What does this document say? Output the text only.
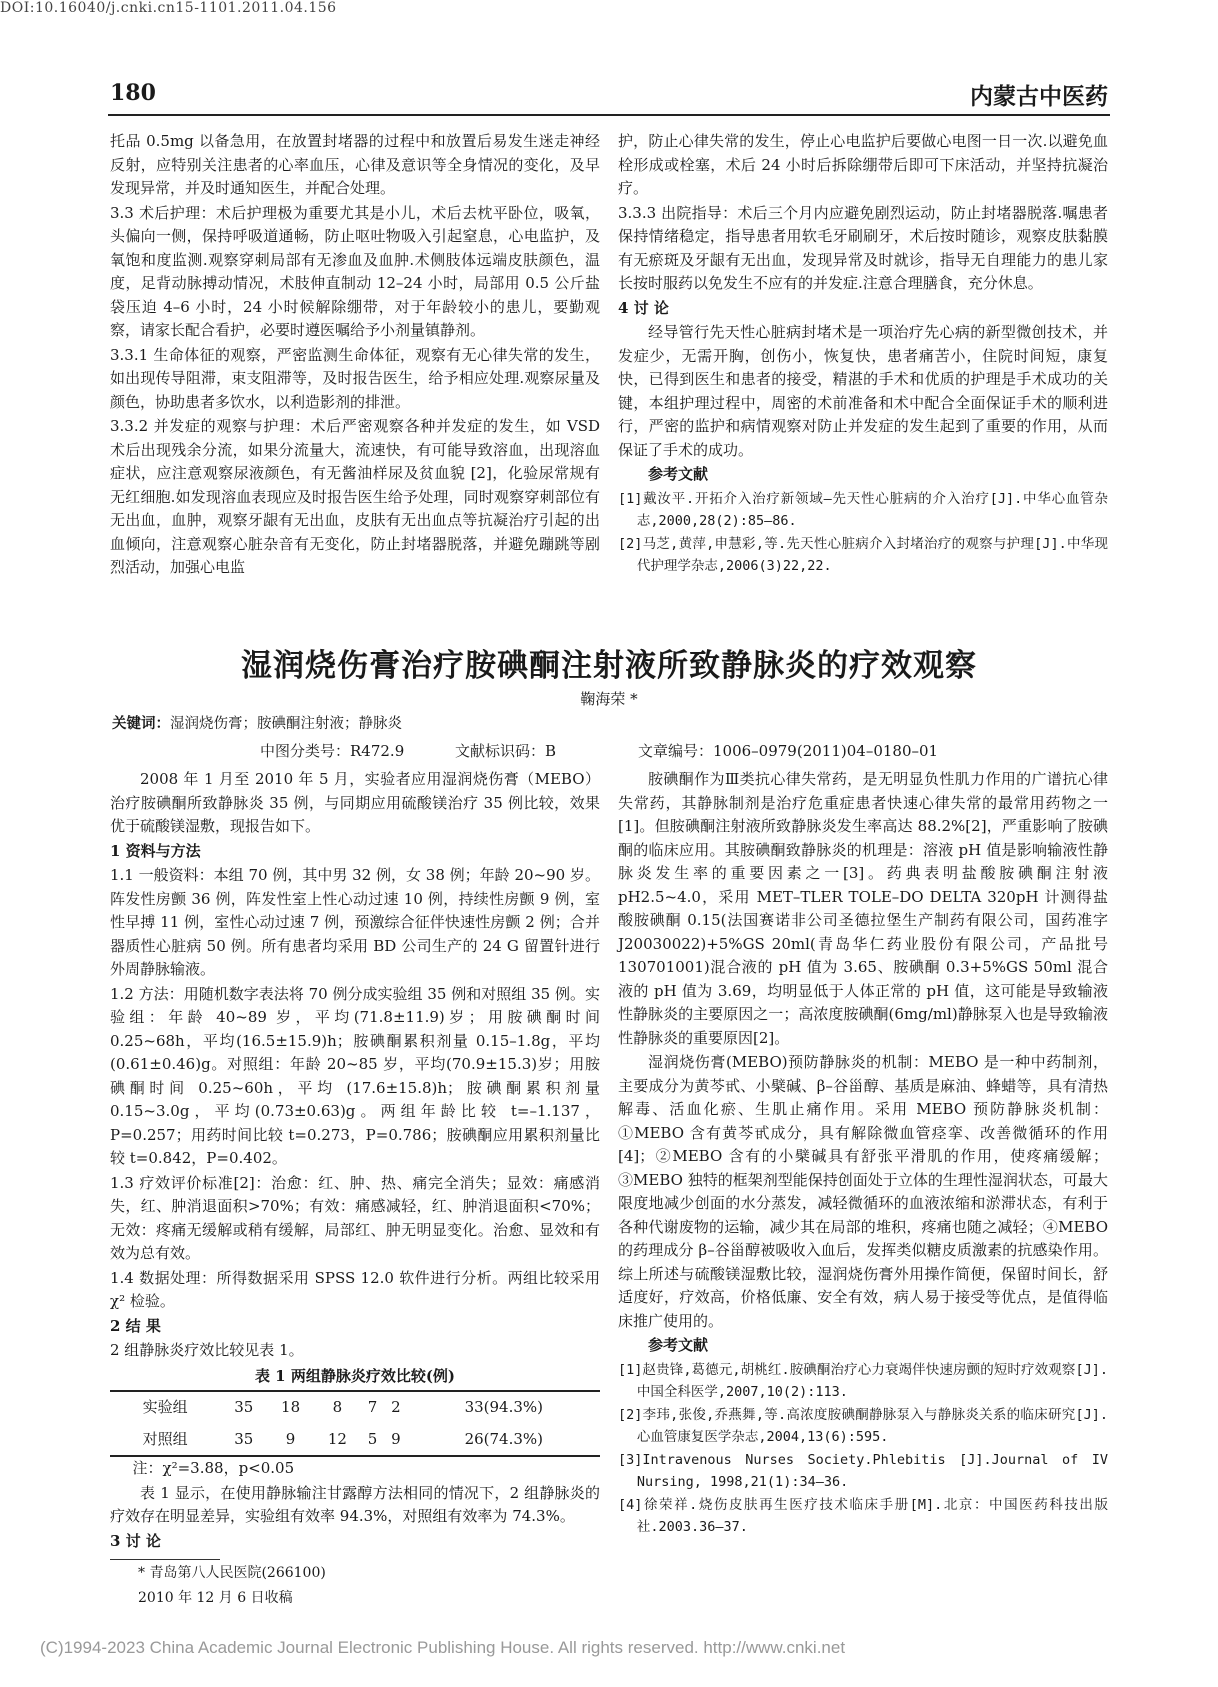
DOI:10.16040/j.cnki.cn15-1101.2011.04.156
180	内蒙古中医药

托品 0.5mg 以备急用，在放置封堵器的过程中和放置后易发生迷走神经反射，应特别关注患者的心率血压，心律及意识等全身情况的变化，及早发现异常，并及时通知医生，并配合处理。

3.3 术后护理：术后护理极为重要尤其是小儿，术后去枕平卧位，吸氧，头偏向一侧，保持呼吸道通畅，防止呕吐物吸入引起窒息，心电监护，及氧饱和度监测.观察穿刺局部有无渗血及血肿.术侧肢体远端皮肤颜色，温度，足背动脉搏动情况，术肢伸直制动 12–24 小时，局部用 0.5 公斤盐袋压迫 4–6 小时，24 小时候解除绷带，对于年龄较小的患儿，要勤观察，请家长配合看护，必要时遵医嘱给予小剂量镇静剂。

3.3.1 生命体征的观察，严密监测生命体征，观察有无心律失常的发生，如出现传导阻滞，束支阻滞等，及时报告医生，给予相应处理.观察尿量及颜色，协助患者多饮水，以利造影剂的排泄。

3.3.2 并发症的观察与护理：术后严密观察各种并发症的发生，如 VSD 术后出现残余分流，如果分流量大，流速快，有可能导致溶血，出现溶血症状，应注意观察尿液颜色，有无酱油样尿及贫血貌 [2]，化验尿常规有无红细胞.如发现溶血表现应及时报告医生给予处理，同时观察穿刺部位有无出血，血肿，观察牙龈有无出血，皮肤有无出血点等抗凝治疗引起的出血倾向，注意观察心脏杂音有无变化，防止封堵器脱落，并避免蹦跳等剧烈活动，加强心电监

护，防止心律失常的发生，停止心电监护后要做心电图一日一次.以避免血栓形成或栓塞，术后 24 小时后拆除绷带后即可下床活动，并坚持抗凝治疗。

3.3.3 出院指导：术后三个月内应避免剧烈运动，防止封堵器脱落.嘱患者保持情绪稳定，指导患者用软毛牙刷刷牙，术后按时随诊，观察皮肤黏膜有无瘀斑及牙龈有无出血，发现异常及时就诊，指导无自理能力的患儿家长按时服药以免发生不应有的并发症.注意合理膳食，充分休息。

4 讨 论

经导管行先天性心脏病封堵术是一项治疗先心病的新型微创技术，并发症少，无需开胸，创伤小，恢复快，患者痛苦小，住院时间短，康复快，已得到医生和患者的接受，精湛的手术和优质的护理是手术成功的关键，本组护理过程中，周密的术前准备和术中配合全面保证手术的顺利进行，严密的监护和病情观察对防止并发症的发生起到了重要的作用，从而保证了手术的成功。

参考文献

[1]戴汝平.开拓介入治疗新领域–先天性心脏病的介入治疗[J].中华心血管杂志,2000,28(2):85–86.

[2]马芝,黄萍,申慧彩,等.先天性心脏病介入封堵治疗的观察与护理[J].中华现代护理学杂志,2006(3)22,22.

湿润烧伤膏治疗胺碘酮注射液所致静脉炎的疗效观察
鞠海荣 *
关键词：湿润烧伤膏；胺碘酮注射液；静脉炎
中图分类号：R472.9	文献标识码：B	文章编号：1006–0979(2011)04–0180–01

2008 年 1 月至 2010 年 5 月，实验者应用湿润烧伤膏（MEBO）治疗胺碘酮所致静脉炎 35 例，与同期应用硫酸镁治疗 35 例比较，效果优于硫酸镁湿敷，现报告如下。

1 资料与方法

1.1 一般资料：本组 70 例，其中男 32 例，女 38 例；年龄 20~90 岁。阵发性房颤 36 例，阵发性室上性心动过速 10 例，持续性房颤 9 例，室性早搏 11 例，室性心动过速 7 例，预激综合征伴快速性房颤 2 例；合并器质性心脏病 50 例。所有患者均采用 BD 公司生产的 24 G 留置针进行外周静脉输液。

1.2 方法：用随机数字表法将 70 例分成实验组 35 例和对照组 35 例。实验组：年龄 40~89 岁，平均(71.8±11.9)岁；用胺碘酮时间 0.25~68h，平均(16.5±15.9)h；胺碘酮累积剂量 0.15–1.8g，平均(0.61±0.46)g。对照组：年龄 20~85 岁，平均(70.9±15.3)岁；用胺碘酮时间 0.25~60h，平均 (17.6±15.8)h；胺碘酮累积剂量 0.15~3.0g，平均(0.73±0.63)g。两组年龄比较 t=–1.137，P=0.257；用药时间比较 t=0.273，P=0.786；胺碘酮应用累积剂量比较 t=0.842，P=0.402。

1.3 疗效评价标准[2]：治愈：红、肿、热、痛完全消失；显效：痛感消失，红、肿消退面积>70%；有效：痛感减轻，红、肿消退面积<70%；无效：疼痛无缓解或稍有缓解，局部红、肿无明显变化。治愈、显效和有效为总有效。

1.4 数据处理：所得数据采用 SPSS 12.0 软件进行分析。两组比较采用 χ² 检验。

2 结 果

2 组静脉炎疗效比较见表 1。

表 1 两组静脉炎疗效比较(例)
实验组	35	18	8	7	2	33(94.3%)
对照组	35	9	12	5	9	26(74.3%)

注：χ²=3.88，p<0.05

表 1 显示，在使用静脉输注甘露醇方法相同的情况下，2 组静脉炎的疗效存在明显差异，实验组有效率 94.3%，对照组有效率为 74.3%。

3 讨 论

* 青岛第八人民医院(266100)

2010 年 12 月 6 日收稿

胺碘酮作为Ⅲ类抗心律失常药，是无明显负性肌力作用的广谱抗心律失常药，其静脉制剂是治疗危重症患者快速心律失常的最常用药物之一 [1]。但胺碘酮注射液所致静脉炎发生率高达 88.2%[2]，严重影响了胺碘酮的临床应用。其胺碘酮致静脉炎的机理是：溶液 pH 值是影响输液性静脉炎发生率的重要因素之一[3]。药典表明盐酸胺碘酮注射液 pH2.5~4.0，采用 MET–TLER TOLE–DO DELTA 320pH 计测得盐酸胺碘酮 0.15(法国赛诺非公司圣德拉堡生产制药有限公司，国药准字 J20030022)+5%GS 20ml(青岛华仁药业股份有限公司，产品批号 130701001)混合液的 pH 值为 3.65、胺碘酮 0.3+5%GS 50ml 混合液的 pH 值为 3.69，均明显低于人体正常的 pH 值，这可能是导致输液性静脉炎的主要原因之一；高浓度胺碘酮(6mg/ml)静脉泵入也是导致输液性静脉炎的重要原因[2]。

湿润烧伤膏(MEBO)预防静脉炎的机制：MEBO 是一种中药制剂，主要成分为黄芩甙、小檗碱、β–谷甾醇、基质是麻油、蜂蜡等，具有清热解毒、活血化瘀、生肌止痛作用。采用 MEBO 预防静脉炎机制：①MEBO 含有黄芩甙成分，具有解除微血管痉挛、改善微循环的作用[4]；②MEBO 含有的小檗碱具有舒张平滑肌的作用，使疼痛缓解；③MEBO 独特的框架剂型能保持创面处于立体的生理性湿润状态，可最大限度地减少创面的水分蒸发，减轻微循环的血液浓缩和淤滞状态，有利于各种代谢废物的运输，减少其在局部的堆积，疼痛也随之减轻；④MEBO 的药理成分 β–谷甾醇被吸收入血后，发挥类似糖皮质激素的抗感染作用。综上所述与硫酸镁湿敷比较，湿润烧伤膏外用操作简便，保留时间长，舒适度好，疗效高，价格低廉、安全有效，病人易于接受等优点，是值得临床推广使用的。

参考文献

[1]赵贵锋,葛德元,胡桃红.胺碘酮治疗心力衰竭伴快速房颤的短时疗效观察[J].中国全科医学,2007,10(2):113.

[2]李玮,张俊,乔燕舞,等.高浓度胺碘酮静脉泵入与静脉炎关系的临床研究[J].心血管康复医学杂志,2004,13(6):595.

[3]Intravenous Nurses Society.Phlebitis [J].Journal of IV Nursing, 1998,21(1):34–36.

[4]徐荣祥.烧伤皮肤再生医疗技术临床手册[M].北京：中国医药科技出版社.2003.36–37.

(C)1994-2023 China Academic Journal Electronic Publishing House. All rights reserved. http://www.cnki.net
